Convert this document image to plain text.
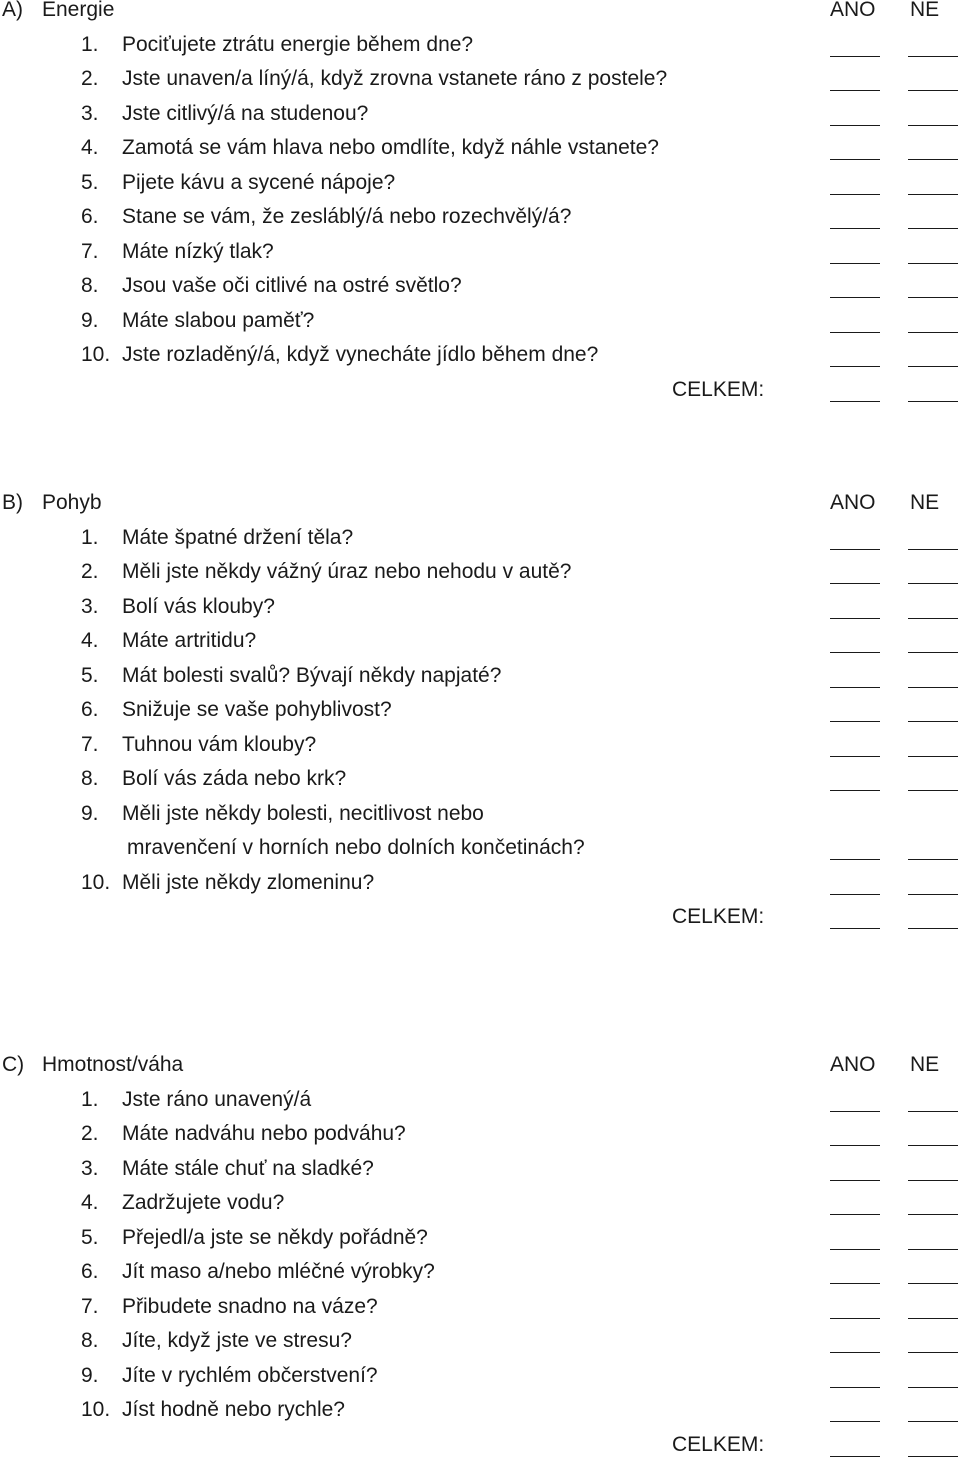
A) Energie	ANO NE
1. Pociťujete ztrátu energie během dne?
2. Jste unaven/a líný/á, když zrovna vstanete ráno z postele?
3. Jste citlivý/á na studenou?
4. Zamotá se vám hlava nebo omdlíte, když náhle vstanete?
5. Pijete kávu a sycené nápoje?
6. Stane se vám, že zesláblý/á nebo rozechvělý/á?
7. Máte nízký tlak?
8. Jsou vaše oči citlivé na ostré světlo?
9. Máte slabou paměť?
10. Jste rozladěný/á, když vynecháte jídlo během dne?
CELKEM:
B) Pohyb	ANO NE
1. Máte špatné držení těla?
2. Měli jste někdy vážný úraz nebo nehodu v autě?
3. Bolí vás klouby?
4. Máte artritidu?
5. Mát bolesti svalů? Bývají někdy napjaté?
6. Snižuje se vaše pohyblivost?
7. Tuhnou vám klouby?
8. Bolí vás záda nebo krk?
9. Měli jste někdy bolesti, necitlivost nebo
mravenčení v horních nebo dolních končetinách?
10. Měli jste někdy zlomeninu?
CELKEM:
C) Hmotnost/váha	ANO NE
1. Jste ráno unavený/á
2. Máte nadváhu nebo podváhu?
3. Máte stále chuť na sladké?
4. Zadržujete vodu?
5. Přejedl/a jste se někdy pořádně?
6. Jít maso a/nebo mléčné výrobky?
7. Přibudete snadno na váze?
8. Jíte, když jste ve stresu?
9. Jíte v rychlém občerstvení?
10. Jíst hodně nebo rychle?
CELKEM:
